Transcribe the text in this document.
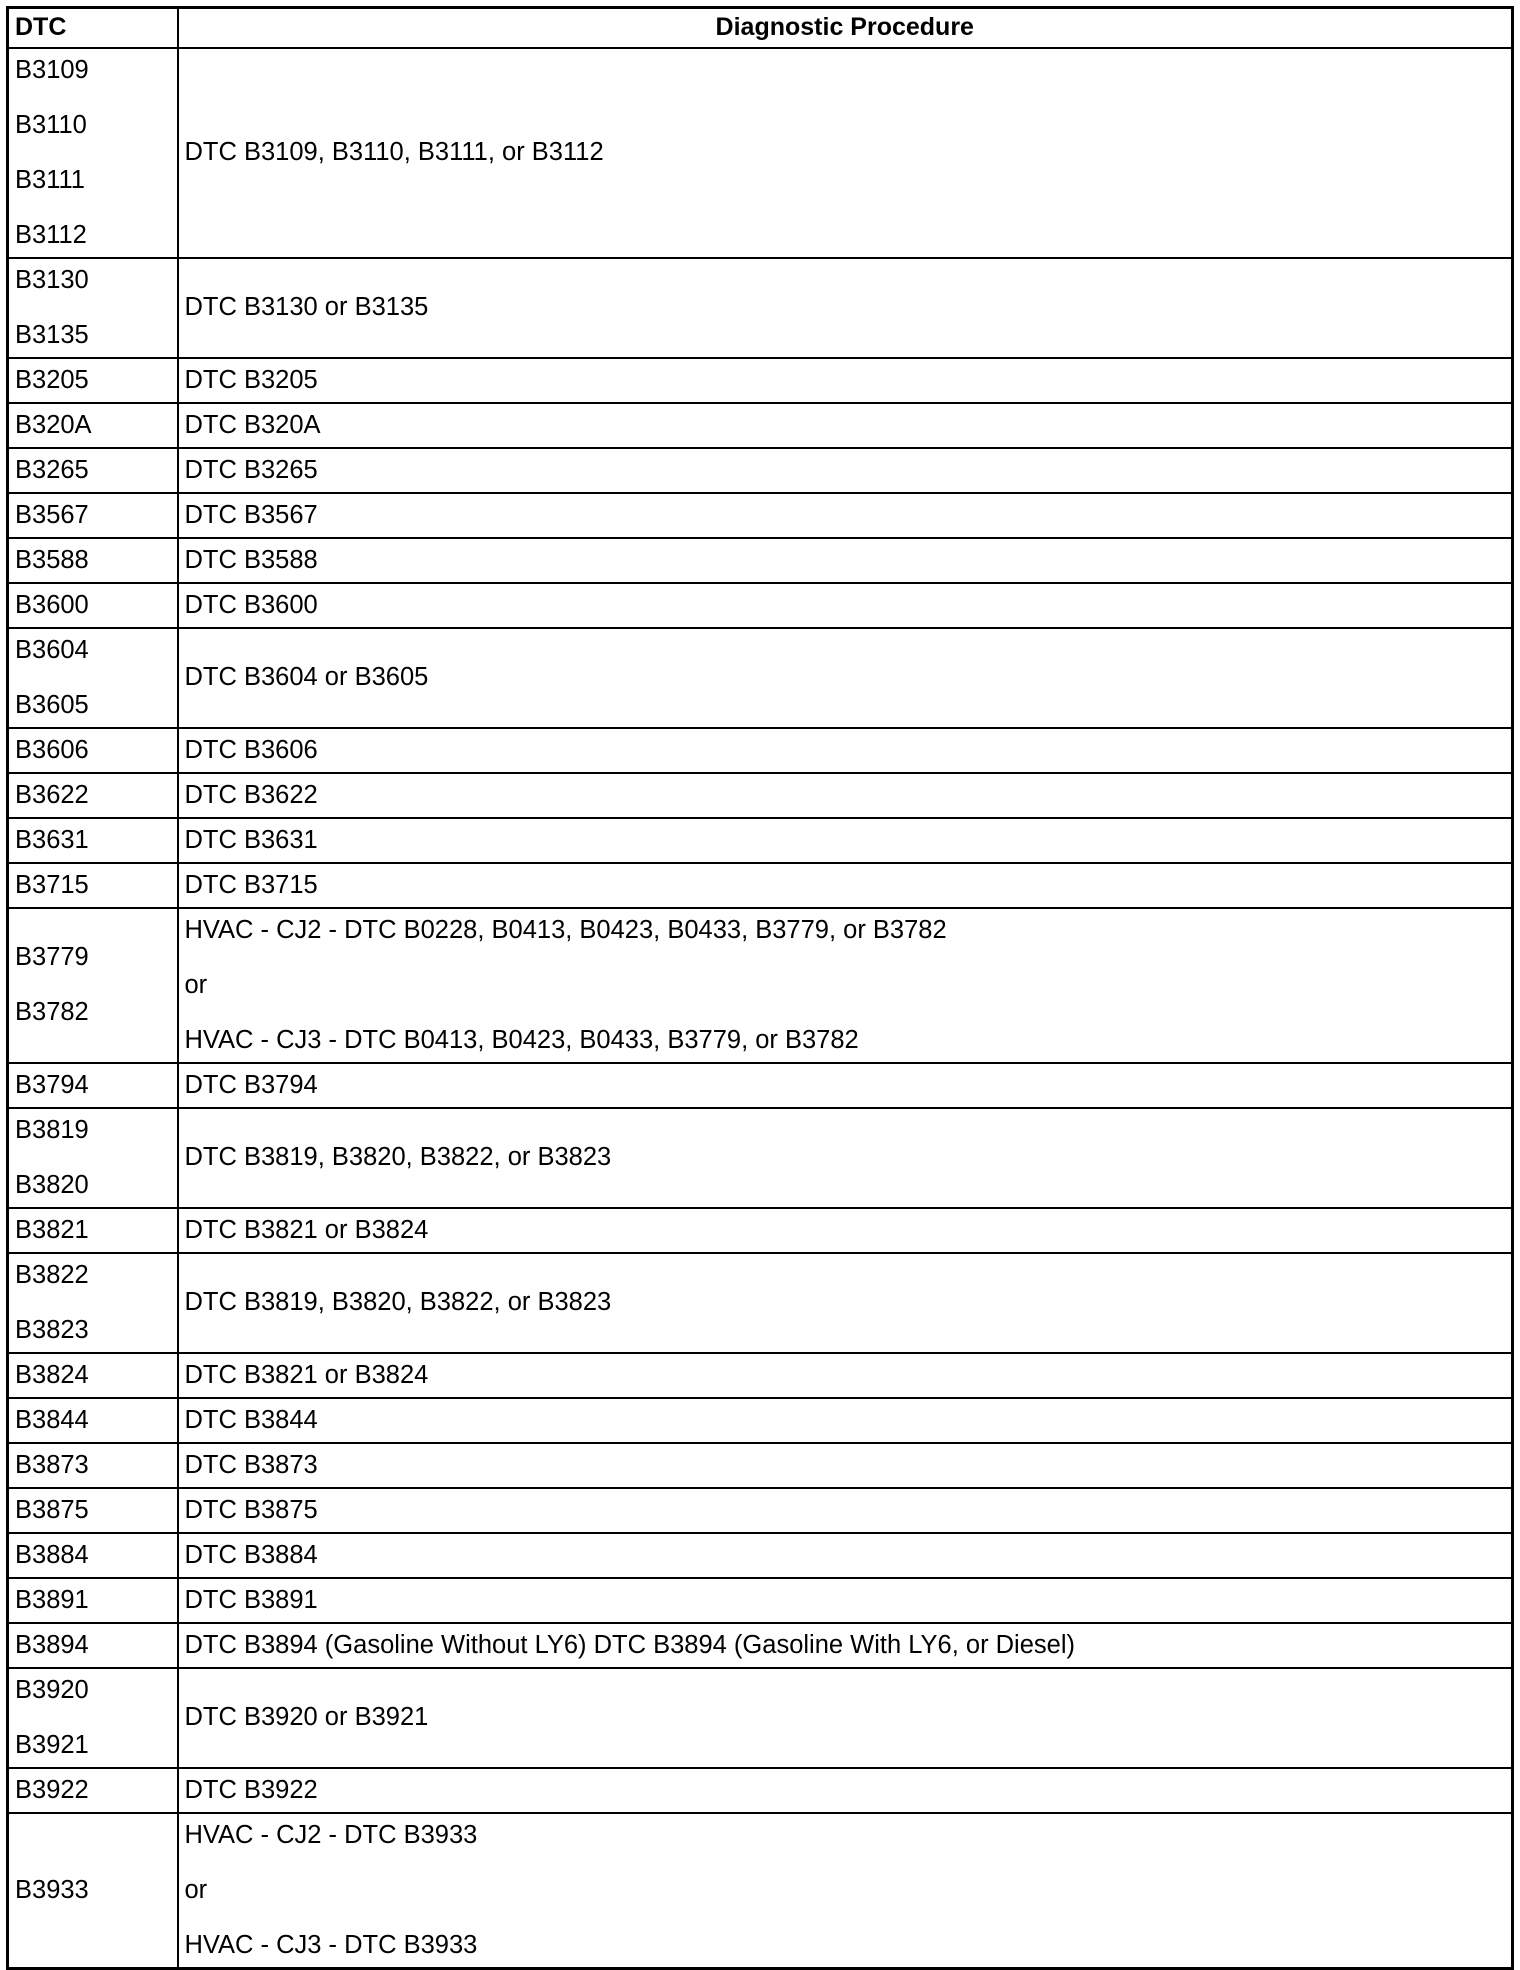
DTC	Diagnostic Procedure

B3109
B3110
B3111
B3112	DTC B3109, B3110, B3111, or B3112

B3130
B3135	DTC B3130 or B3135

B3205	DTC B3205

B320A	DTC B320A

B3265	DTC B3265

B3567	DTC B3567

B3588	DTC B3588

B3600	DTC B3600

B3604
B3605	DTC B3604 or B3605

B3606	DTC B3606

B3622	DTC B3622

B3631	DTC B3631

B3715	DTC B3715

B3779
B3782	HVAC - CJ2 - DTC B0228, B0413, B0423, B0433, B3779, or B3782
or
HVAC - CJ3 - DTC B0413, B0423, B0433, B3779, or B3782

B3794	DTC B3794

B3819
B3820	DTC B3819, B3820, B3822, or B3823

B3821	DTC B3821 or B3824

B3822
B3823	DTC B3819, B3820, B3822, or B3823

B3824	DTC B3821 or B3824

B3844	DTC B3844

B3873	DTC B3873

B3875	DTC B3875

B3884	DTC B3884

B3891	DTC B3891

B3894	DTC B3894 (Gasoline Without LY6) DTC B3894 (Gasoline With LY6, or Diesel)

B3920
B3921	DTC B3920 or B3921

B3922	DTC B3922

B3933	HVAC - CJ2 - DTC B3933
or
HVAC - CJ3 - DTC B3933
